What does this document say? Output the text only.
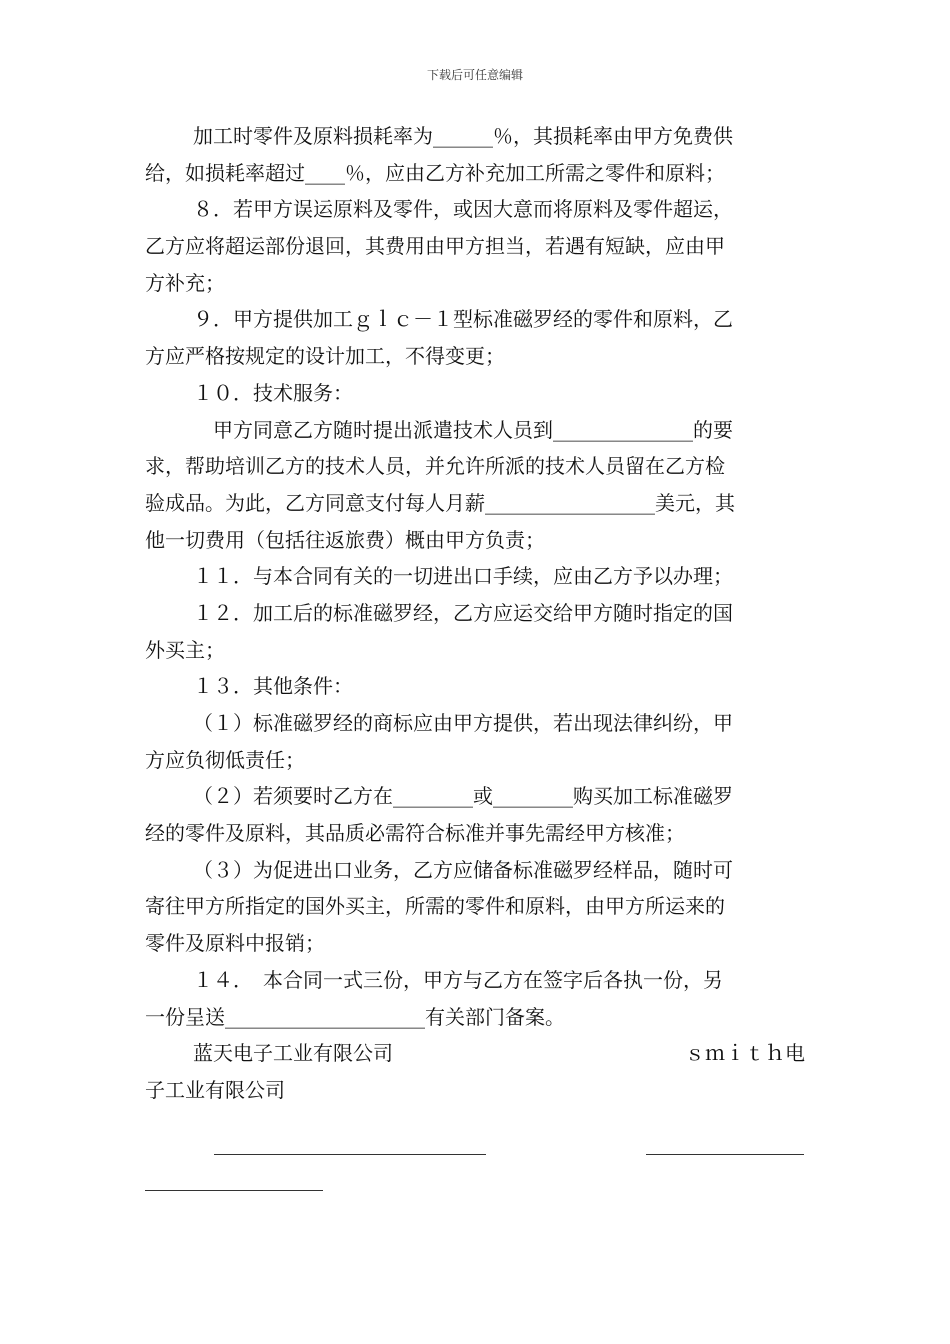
下载后可任意编辑
加工时零件及原料损耗率为______％，其损耗率由甲方免费供
给，如损耗率超过____％，应由乙方补充加工所需之零件和原料；
８．若甲方误运原料及零件，或因大意而将原料及零件超运，
乙方应将超运部份退回，其费用由甲方担当，若遇有短缺，应由甲
方补充；
９．甲方提供加工ｇｌｃ－１型标准磁罗经的零件和原料，乙
方应严格按规定的设计加工，不得变更；
１０．技术服务：
甲方同意乙方随时提出派遣技术人员到______________的要
求，帮助培训乙方的技术人员，并允许所派的技术人员留在乙方检
验成品。为此，乙方同意支付每人月薪_________________美元，其
他一切费用（包括往返旅费）概由甲方负责；
１１．与本合同有关的一切进出口手续，应由乙方予以办理；
１２．加工后的标准磁罗经，乙方应运交给甲方随时指定的国
外买主；
１３．其他条件：
（１）标准磁罗经的商标应由甲方提供，若出现法律纠纷，甲
方应负彻低责任；
（２）若须要时乙方在________或________购买加工标准磁罗
经的零件及原料，其品质必需符合标准并事先需经甲方核准；
（３）为促进出口业务，乙方应储备标准磁罗经样品，随时可
寄往甲方所指定的国外买主，所需的零件和原料，由甲方所运来的
零件及原料中报销；
１４．　本合同一式三份，甲方与乙方在签字后各执一份，另
一份呈送____________________有关部门备案。
蓝天电子工业有限公司	ｓｍｉｔｈ电
子工业有限公司
